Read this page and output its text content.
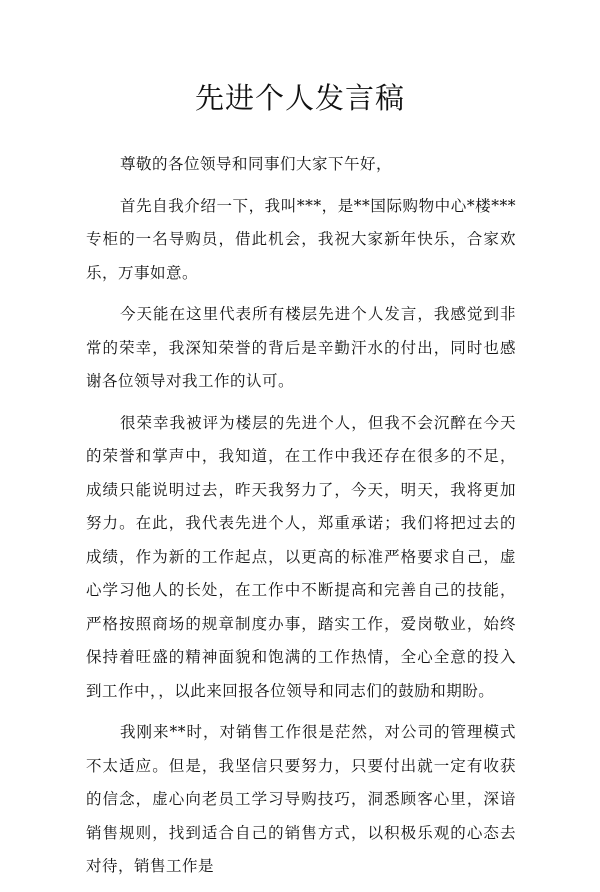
先进个人发言稿

尊敬的各位领导和同事们大家下午好，

首先自我介绍一下，我叫***，是**国际购物中心*楼***专柜的一名导购员，借此机会，我祝大家新年快乐，合家欢乐，万事如意。

今天能在这里代表所有楼层先进个人发言，我感觉到非常的荣幸，我深知荣誉的背后是辛勤汗水的付出，同时也感谢各位领导对我工作的认可。

很荣幸我被评为楼层的先进个人，但我不会沉醉在今天的荣誉和掌声中，我知道，在工作中我还存在很多的不足，成绩只能说明过去，昨天我努力了，今天，明天，我将更加努力。在此，我代表先进个人，郑重承诺；我们将把过去的成绩，作为新的工作起点，以更高的标准严格要求自己，虚心学习他人的长处，在工作中不断提高和完善自己的技能，严格按照商场的规章制度办事，踏实工作，爱岗敬业，始终保持着旺盛的精神面貌和饱满的工作热情，全心全意的投入到工作中，，以此来回报各位领导和同志们的鼓励和期盼。

我刚来**时，对销售工作很是茫然，对公司的管理模式不太适应。但是，我坚信只要努力，只要付出就一定有收获的信念，虚心向老员工学习导购技巧，洞悉顾客心里，深谙销售规则，找到适合自己的销售方式，以积极乐观的心态去对待，销售工作是
